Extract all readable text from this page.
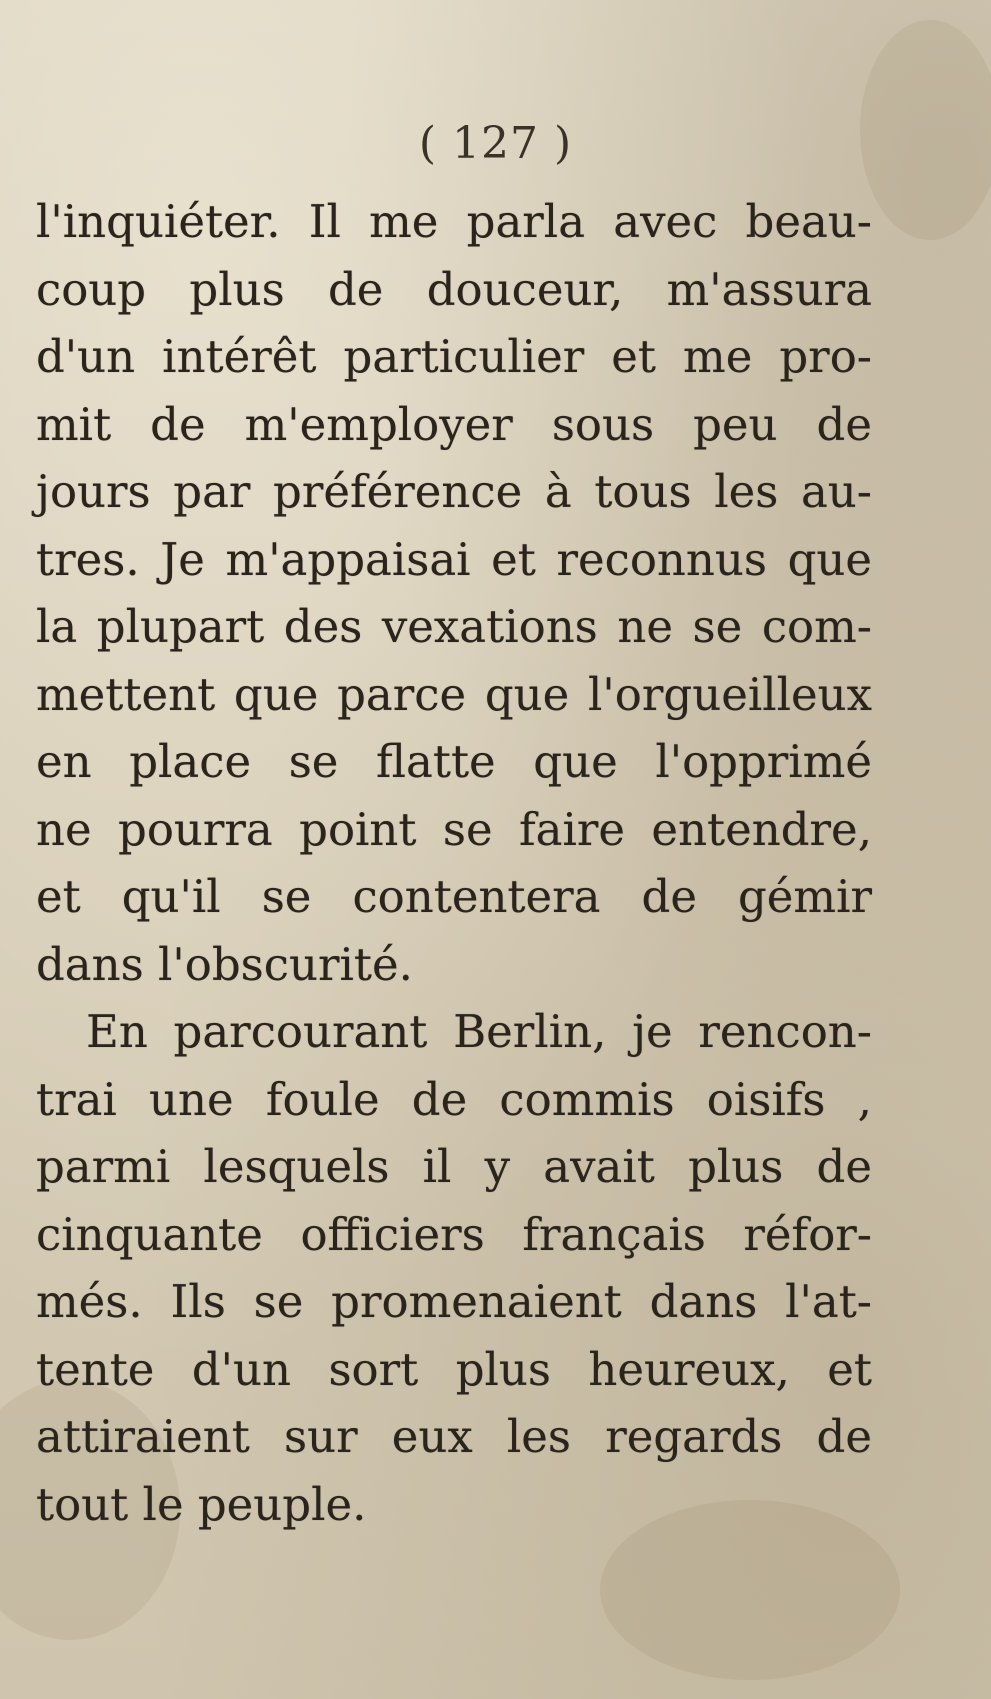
( 127 )
l'inquiéter. Il me parla avec beau-
coup plus de douceur, m'assura
d'un intérêt particulier et me pro-
mit de m'employer sous peu de
jours par préférence à tous les au-
tres. Je m'appaisai et reconnus que
la plupart des vexations ne se com-
mettent que parce que l'orgueilleux
en place se flatte que l'opprimé
ne pourra point se faire entendre,
et qu'il se contentera de gémir
dans l'obscurité.
En parcourant Berlin, je rencon-
trai une foule de commis oisifs ,
parmi lesquels il y avait plus de
cinquante officiers français réfor-
més. Ils se promenaient dans l'at-
tente d'un sort plus heureux, et
attiraient sur eux les regards de
tout le peuple.
